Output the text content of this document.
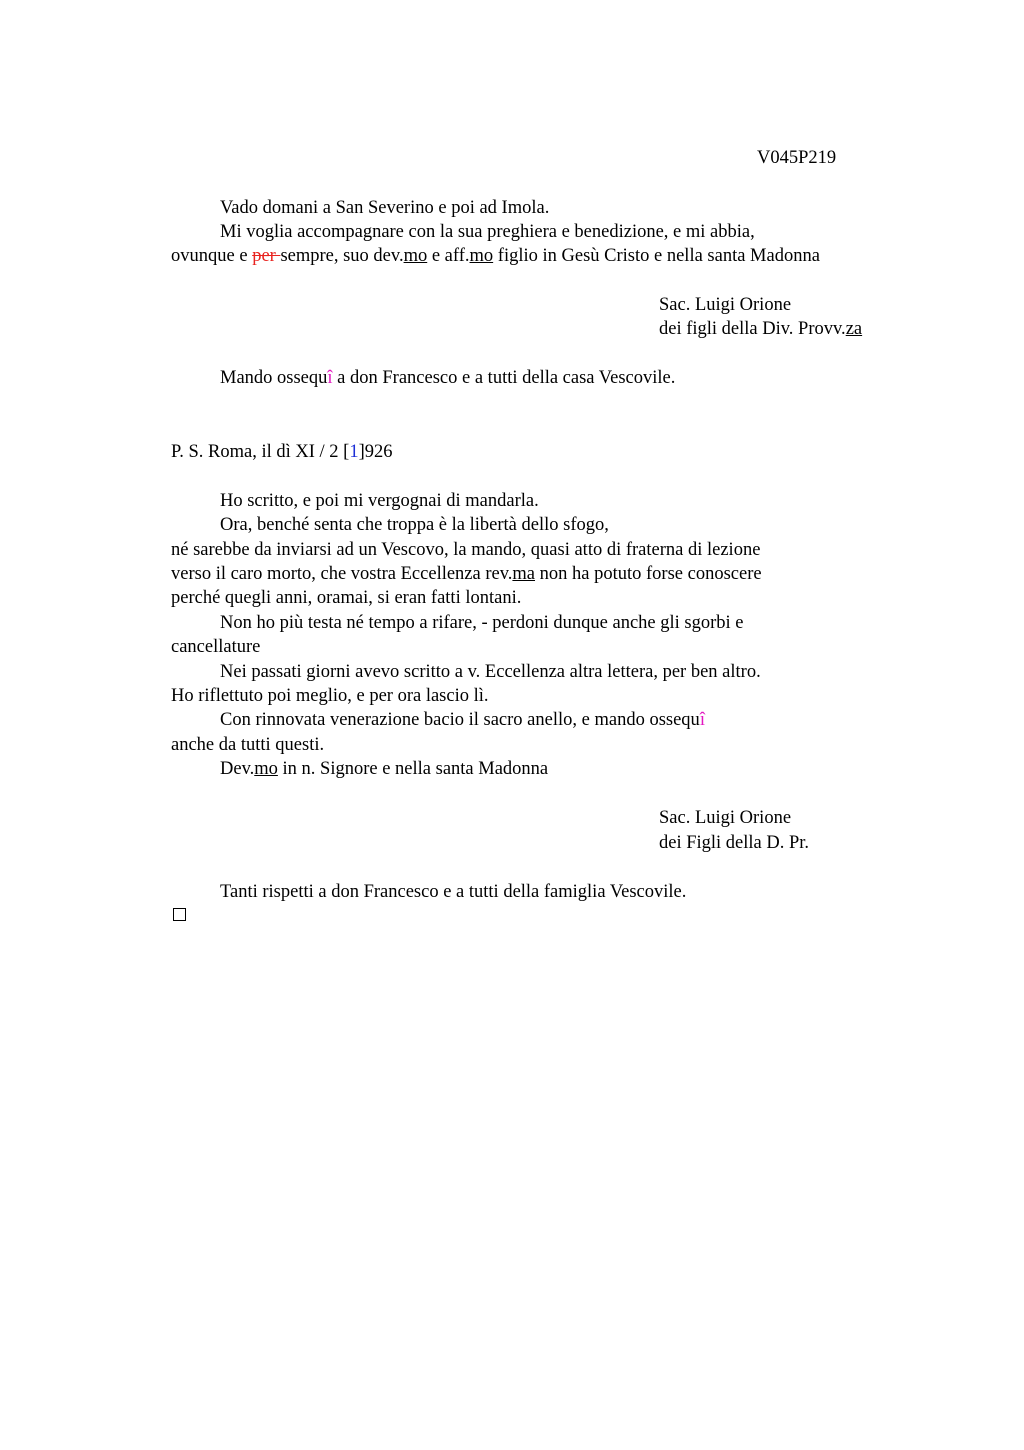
V045P219
Vado domani a San Severino e poi ad Imola.
Mi voglia accompagnare con la sua preghiera e benedizione, e mi abbia,
ovunque e per sempre, suo dev.mo e aff.mo figlio in Gesù Cristo e nella santa Madonna
Sac. Luigi Orione
dei figli della Div. Provv.za
Mando ossequî a don Francesco e a tutti della casa Vescovile.
P. S. Roma, il dì XI / 2 [1]926
Ho scritto, e poi mi vergognai di mandarla.
Ora, benché senta che troppa è la libertà dello sfogo,
né sarebbe da inviarsi ad un Vescovo, la mando, quasi atto di fraterna di lezione
verso il caro morto, che vostra Eccellenza rev.ma non ha potuto forse conoscere
perché quegli anni, oramai, si eran fatti lontani.
Non ho più testa né tempo a rifare, - perdoni dunque anche gli sgorbi e
cancellature
Nei passati giorni avevo scritto a v. Eccellenza altra lettera, per ben altro.
Ho riflettuto poi meglio, e per ora lascio lì.
Con rinnovata venerazione bacio il sacro anello, e mando ossequî
anche da tutti questi.
Dev.mo in n. Signore e nella santa Madonna
Sac. Luigi Orione
dei Figli della D. Pr.
Tanti rispetti a don Francesco e a tutti della famiglia Vescovile.
